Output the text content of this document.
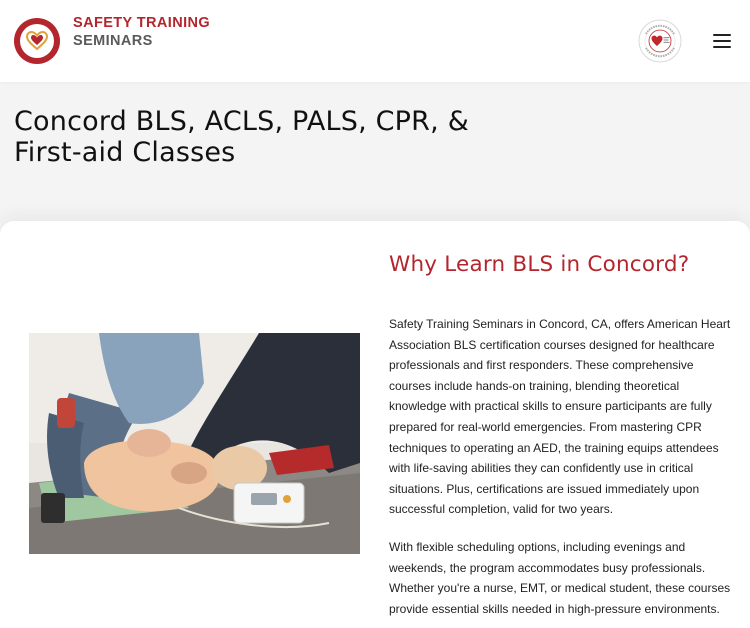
SAFETY TRAINING
SEMINARS
Concord BLS, ACLS, PALS, CPR, & First-aid Classes
Why Learn BLS in Concord?

Safety Training Seminars in Concord, CA, offers American Heart Association BLS certification courses designed for healthcare professionals and first responders. These comprehensive courses include hands-on training, blending theoretical knowledge with practical skills to ensure participants are fully prepared for real-world emergencies. From mastering CPR techniques to operating an AED, the training equips attendees with life-saving abilities they can confidently use in critical situations. Plus, certifications are issued immediately upon successful completion, valid for two years.

With flexible scheduling options, including evenings and weekends, the program accommodates busy professionals. Whether you're a nurse, EMT, or medical student, these courses provide essential skills needed in high-pressure environments.
